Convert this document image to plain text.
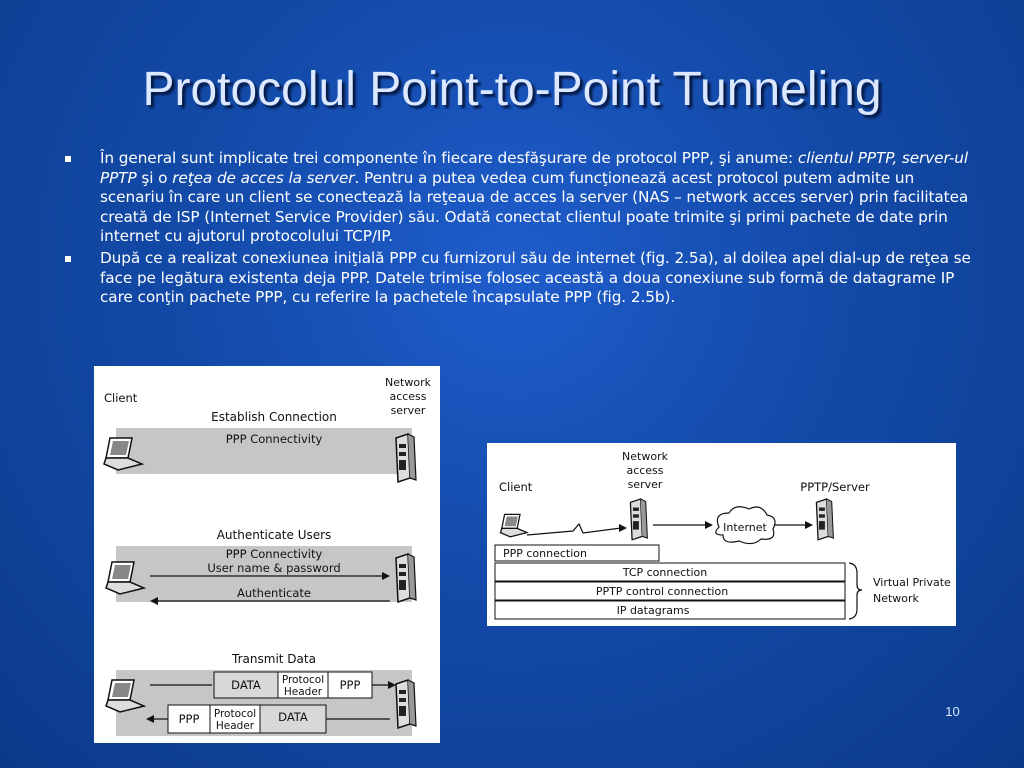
Protocolul Point-to-Point Tunneling
În general sunt implicate trei componente în fiecare desfăşurare de protocol PPP, şi anume: clientul PPTP, server-ul PPTP şi o reţea de acces la server. Pentru a putea vedea cum funcţionează acest protocol putem admite un scenariu în care un client se conectează la reţeaua de acces la server (NAS – network acces server) prin facilitatea creată de ISP (Internet Service Provider) său. Odată conectat clientul poate trimite şi primi pachete de date prin internet cu ajutorul protocolului TCP/IP.
După ce a realizat conexiunea iniţială PPP cu furnizorul său de internet (fig. 2.5a), al doilea apel dial-up de reţea se face pe legătura existenta deja PPP. Datele trimise folosec această a doua conexiune sub formă de datagrame IP care conţin pachete PPP, cu referire la pachetele încapsulate PPP (fig. 2.5b).
Client
Network
access
server
Establish Connection
PPP Connectivity
Authenticate Users
PPP Connectivity
User name & password
Authenticate
Transmit Data
DATA Protocol
Header PPP
PPP Protocol
Header
DATA
Client
Network
access
server	PPTP/Server
Internet
PPP connection
TCP connection
PPTP control connection
IP datagrams
Virtual Private
Network
10
